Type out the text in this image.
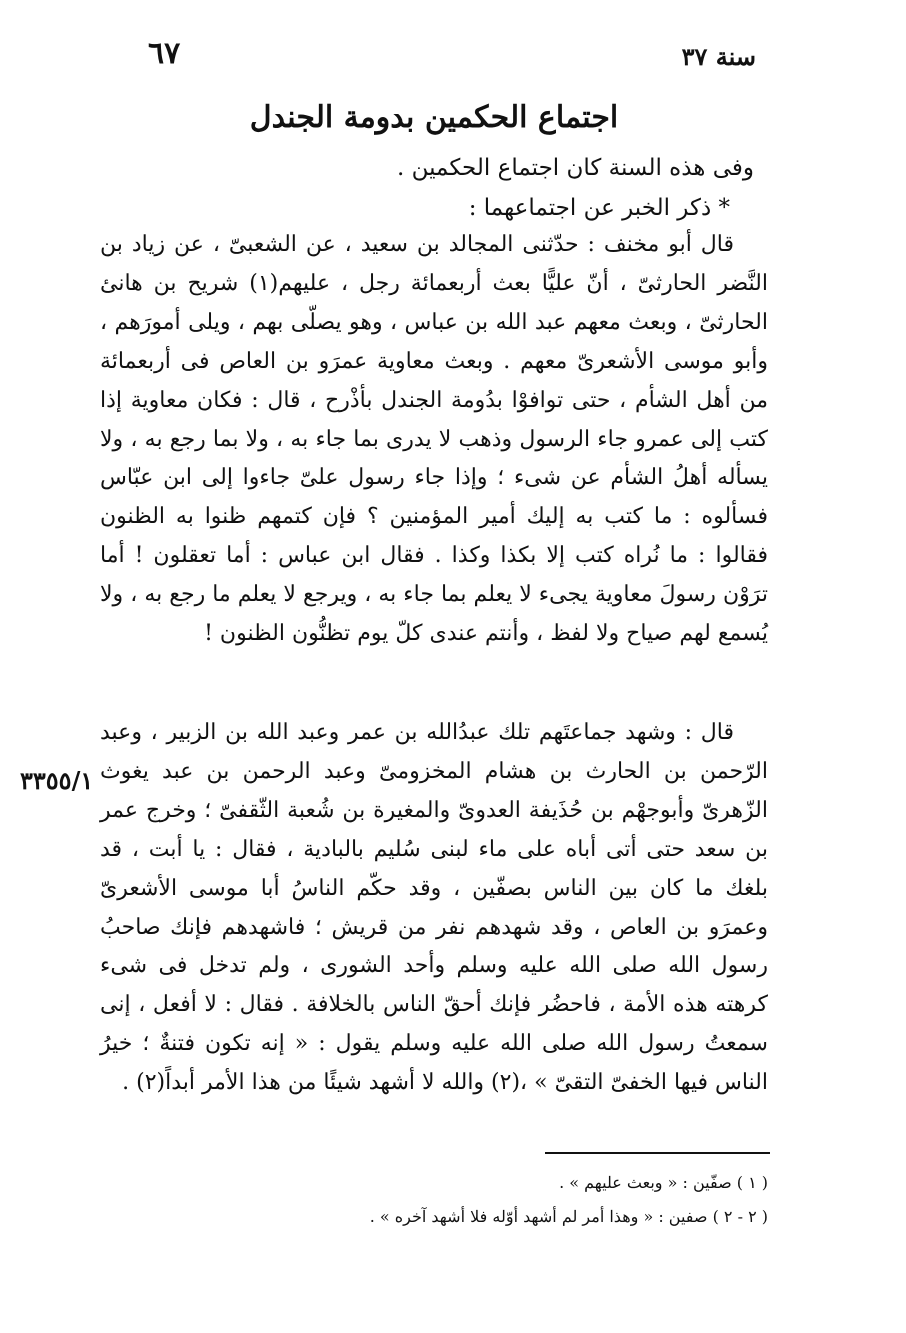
٦٧	سنة ٣٧
اجتماع الحكمين بدومة الجندل

وفى هذه السنة كان اجتماع الحكمين .

* ذكر الخبر عن اجتماعهما :

قال أبو مخنف : حدّثنى المجالد بن سعيد ، عن الشعبىّ ، عن زياد بن النَّضر الحارثىّ ، أنّ عليًّا بعث أربعمائة رجل ، عليهم(١) شريح بن هانئ الحارثىّ ، وبعث معهم عبد الله بن عباس ، وهو يصلّى بهم ، ويلى أمورَهم ، وأبو موسى الأشعرىّ معهم . وبعث معاوية عمرَو بن العاص فى أربعمائة من أهل الشأم ، حتى توافوْا بدُومة الجندل بأذْرح ، قال : فكان معاوية إذا كتب إلى عمرو جاء الرسول وذهب لا يدرى بما جاء به ، ولا بما رجع به ، ولا يسأله أهلُ الشأم عن شىء ؛ وإذا جاء رسول علىّ جاءوا إلى ابن عبّاس فسألوه : ما كتب به إليك أمير المؤمنين ؟ فإن كتمهم ظنوا به الظنون فقالوا : ما نُراه كتب إلا بكذا وكذا . فقال ابن عباس : أما تعقلون ! أما ترَوْن رسولَ معاوية يجىء لا يعلم بما جاء به ، ويرجع لا يعلم ما رجع به ، ولا يُسمع لهم صياح ولا لفظ ، وأنتم عندى كلّ يوم تظنُّون الظنون !

٣٣٥٥/١

قال : وشهد جماعتَهم تلك عبدُالله بن عمر وعبد الله بن الزبير ، وعبد الرّحمن بن الحارث بن هشام المخزومىّ وعبد الرحمن بن عبد يغوث الزّهرىّ وأبوجهْم بن حُذَيفة العدوىّ والمغيرة بن شُعبة الثّقفىّ ؛ وخرج عمر بن سعد حتى أتى أباه على ماء لبنى سُليم بالبادية ، فقال : يا أبت ، قد بلغك ما كان بين الناس بصفّين ، وقد حكّم الناسُ أبا موسى الأشعرىّ وعمرَو بن العاص ، وقد شهدهم نفر من قريش ؛ فاشهدهم فإنك صاحبُ رسول الله صلى الله عليه وسلم وأحد الشورى ، ولم تدخل فى شىء كرهته هذه الأمة ، فاحضُر فإنك أحقّ الناس بالخلافة . فقال : لا أفعل ، إنى سمعتُ رسول الله صلى الله عليه وسلم يقول : « إنه تكون فتنةٌ ؛ خيرُ الناس فيها الخفىّ التقىّ » ،(٢) والله لا أشهد شيئًا من هذا الأمر أبداً(٢) .

( ١ ) صفّين : « وبعث عليهم » .

( ٢ - ٢ ) صفين : « وهذا أمر لم أشهد أوّله فلا أشهد آخره » .
